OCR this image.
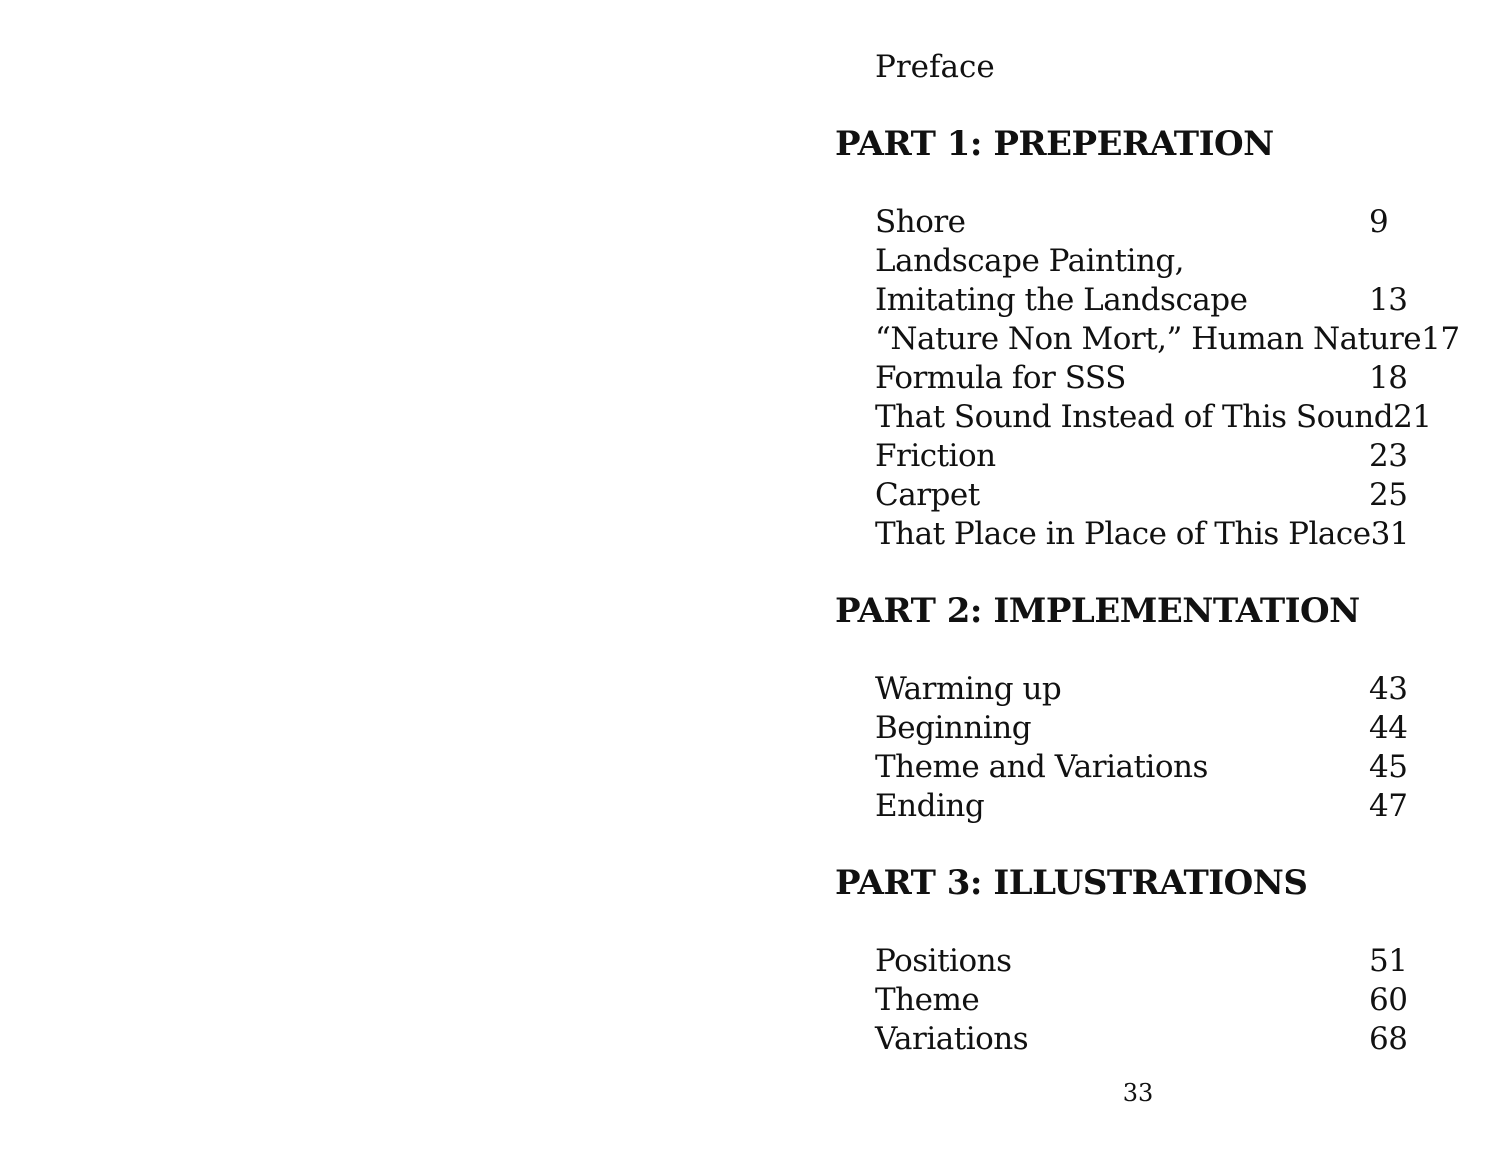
Preface

PART 1: PREPERATION
Shore	9
Landscape Painting,
Imitating the Landscape	13
“Nature Non Mort,” Human Nature 17
Formula for SSS	18
That Sound Instead of This Sound 21
Friction	23
Carpet	25
That Place in Place of This Place 31
PART 2: IMPLEMENTATION
Warming up	43
Beginning	44
Theme and Variations	45
Ending	47
PART 3: ILLUSTRATIONS
Positions	51
Theme	60
Variations	68
33
